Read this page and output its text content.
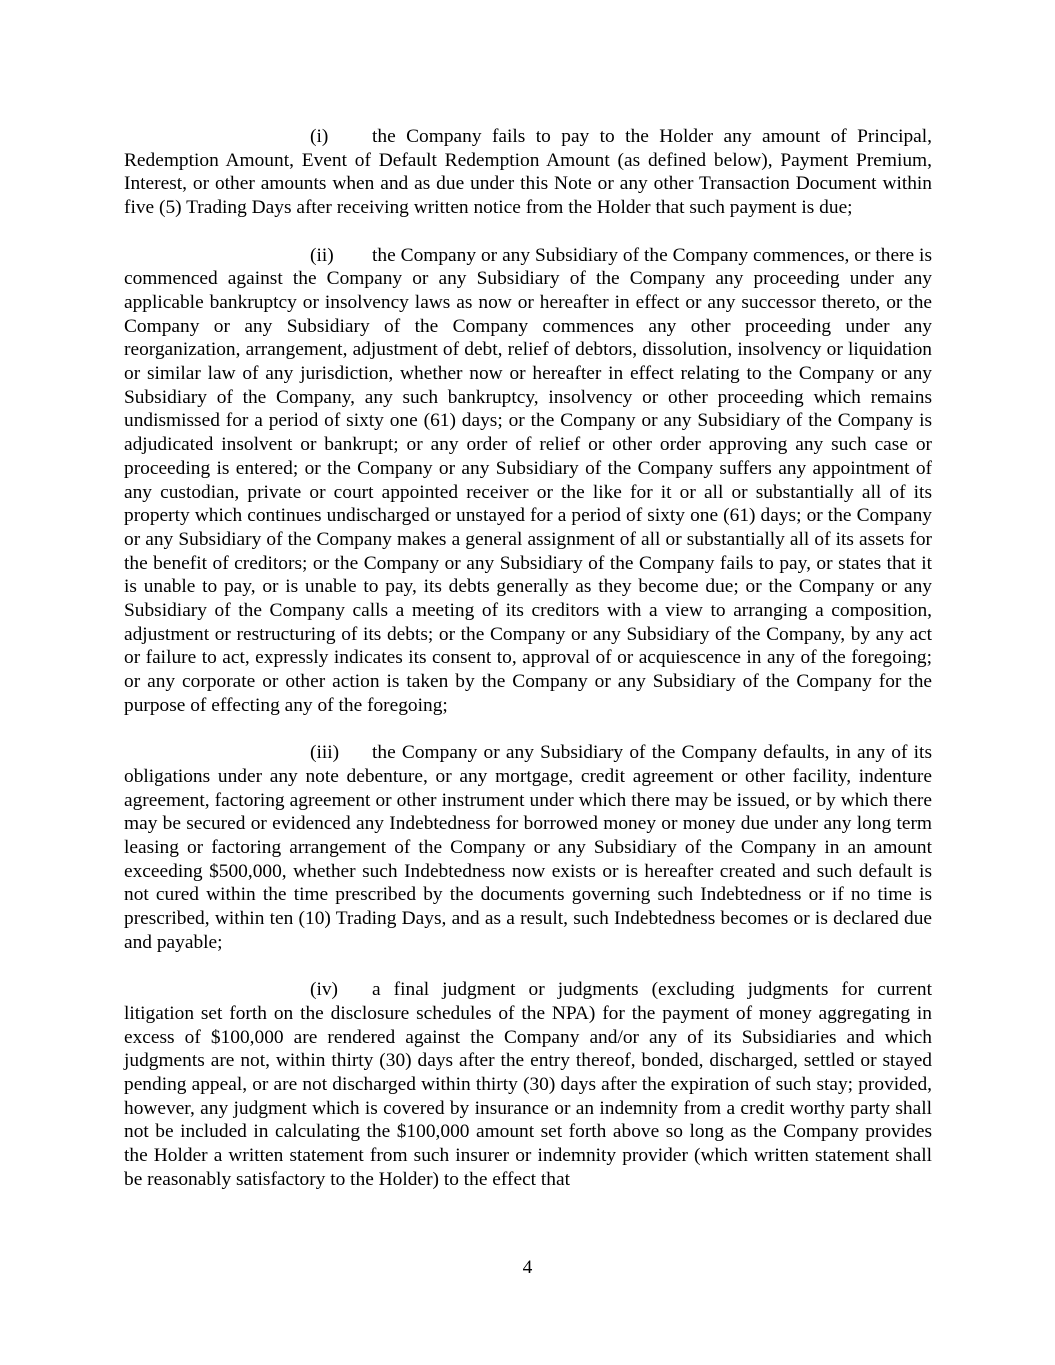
(i) the Company fails to pay to the Holder any amount of Principal, Redemption Amount, Event of Default Redemption Amount (as defined below), Payment Premium, Interest, or other amounts when and as due under this Note or any other Transaction Document within five (5) Trading Days after receiving written notice from the Holder that such payment is due;

(ii) the Company or any Subsidiary of the Company commences, or there is commenced against the Company or any Subsidiary of the Company any proceeding under any applicable bankruptcy or insolvency laws as now or hereafter in effect or any successor thereto, or the Company or any Subsidiary of the Company commences any other proceeding under any reorganization, arrangement, adjustment of debt, relief of debtors, dissolution, insolvency or liquidation or similar law of any jurisdiction, whether now or hereafter in effect relating to the Company or any Subsidiary of the Company, any such bankruptcy, insolvency or other proceeding which remains undismissed for a period of sixty one (61) days; or the Company or any Subsidiary of the Company is adjudicated insolvent or bankrupt; or any order of relief or other order approving any such case or proceeding is entered; or the Company or any Subsidiary of the Company suffers any appointment of any custodian, private or court appointed receiver or the like for it or all or substantially all of its property which continues undischarged or unstayed for a period of sixty one (61) days; or the Company or any Subsidiary of the Company makes a general assignment of all or substantially all of its assets for the benefit of creditors; or the Company or any Subsidiary of the Company fails to pay, or states that it is unable to pay, or is unable to pay, its debts generally as they become due; or the Company or any Subsidiary of the Company calls a meeting of its creditors with a view to arranging a composition, adjustment or restructuring of its debts; or the Company or any Subsidiary of the Company, by any act or failure to act, expressly indicates its consent to, approval of or acquiescence in any of the foregoing; or any corporate or other action is taken by the Company or any Subsidiary of the Company for the purpose of effecting any of the foregoing;

(iii) the Company or any Subsidiary of the Company defaults, in any of its obligations under any note debenture, or any mortgage, credit agreement or other facility, indenture agreement, factoring agreement or other instrument under which there may be issued, or by which there may be secured or evidenced any Indebtedness for borrowed money or money due under any long term leasing or factoring arrangement of the Company or any Subsidiary of the Company in an amount exceeding $500,000, whether such Indebtedness now exists or is hereafter created and such default is not cured within the time prescribed by the documents governing such Indebtedness or if no time is prescribed, within ten (10) Trading Days, and as a result, such Indebtedness becomes or is declared due and payable;

(iv) a final judgment or judgments (excluding judgments for current litigation set forth on the disclosure schedules of the NPA) for the payment of money aggregating in excess of $100,000 are rendered against the Company and/or any of its Subsidiaries and which judgments are not, within thirty (30) days after the entry thereof, bonded, discharged, settled or stayed pending appeal, or are not discharged within thirty (30) days after the expiration of such stay; provided, however, any judgment which is covered by insurance or an indemnity from a credit worthy party shall not be included in calculating the $100,000 amount set forth above so long as the Company provides the Holder a written statement from such insurer or indemnity provider (which written statement shall be reasonably satisfactory to the Holder) to the effect that

4
